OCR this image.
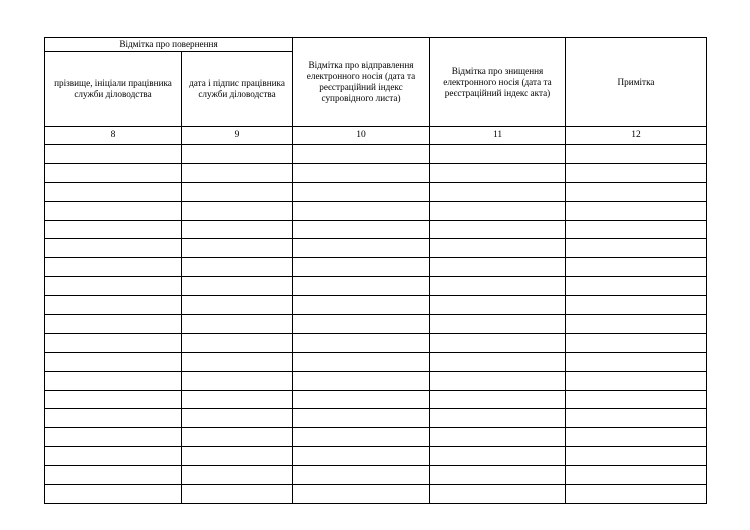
Відмітка про повернення		Відмітка про відправлення електронного носія (дата та реєстраційний індекс супровідного листа)	Відмітка про знищення електронного носія (дата та реєстраційний індекс акта)	Примітка
прізвище, ініціали працівника служби діловодства	дата і підпис працівника служби діловодства			
8	9	10	11	12
